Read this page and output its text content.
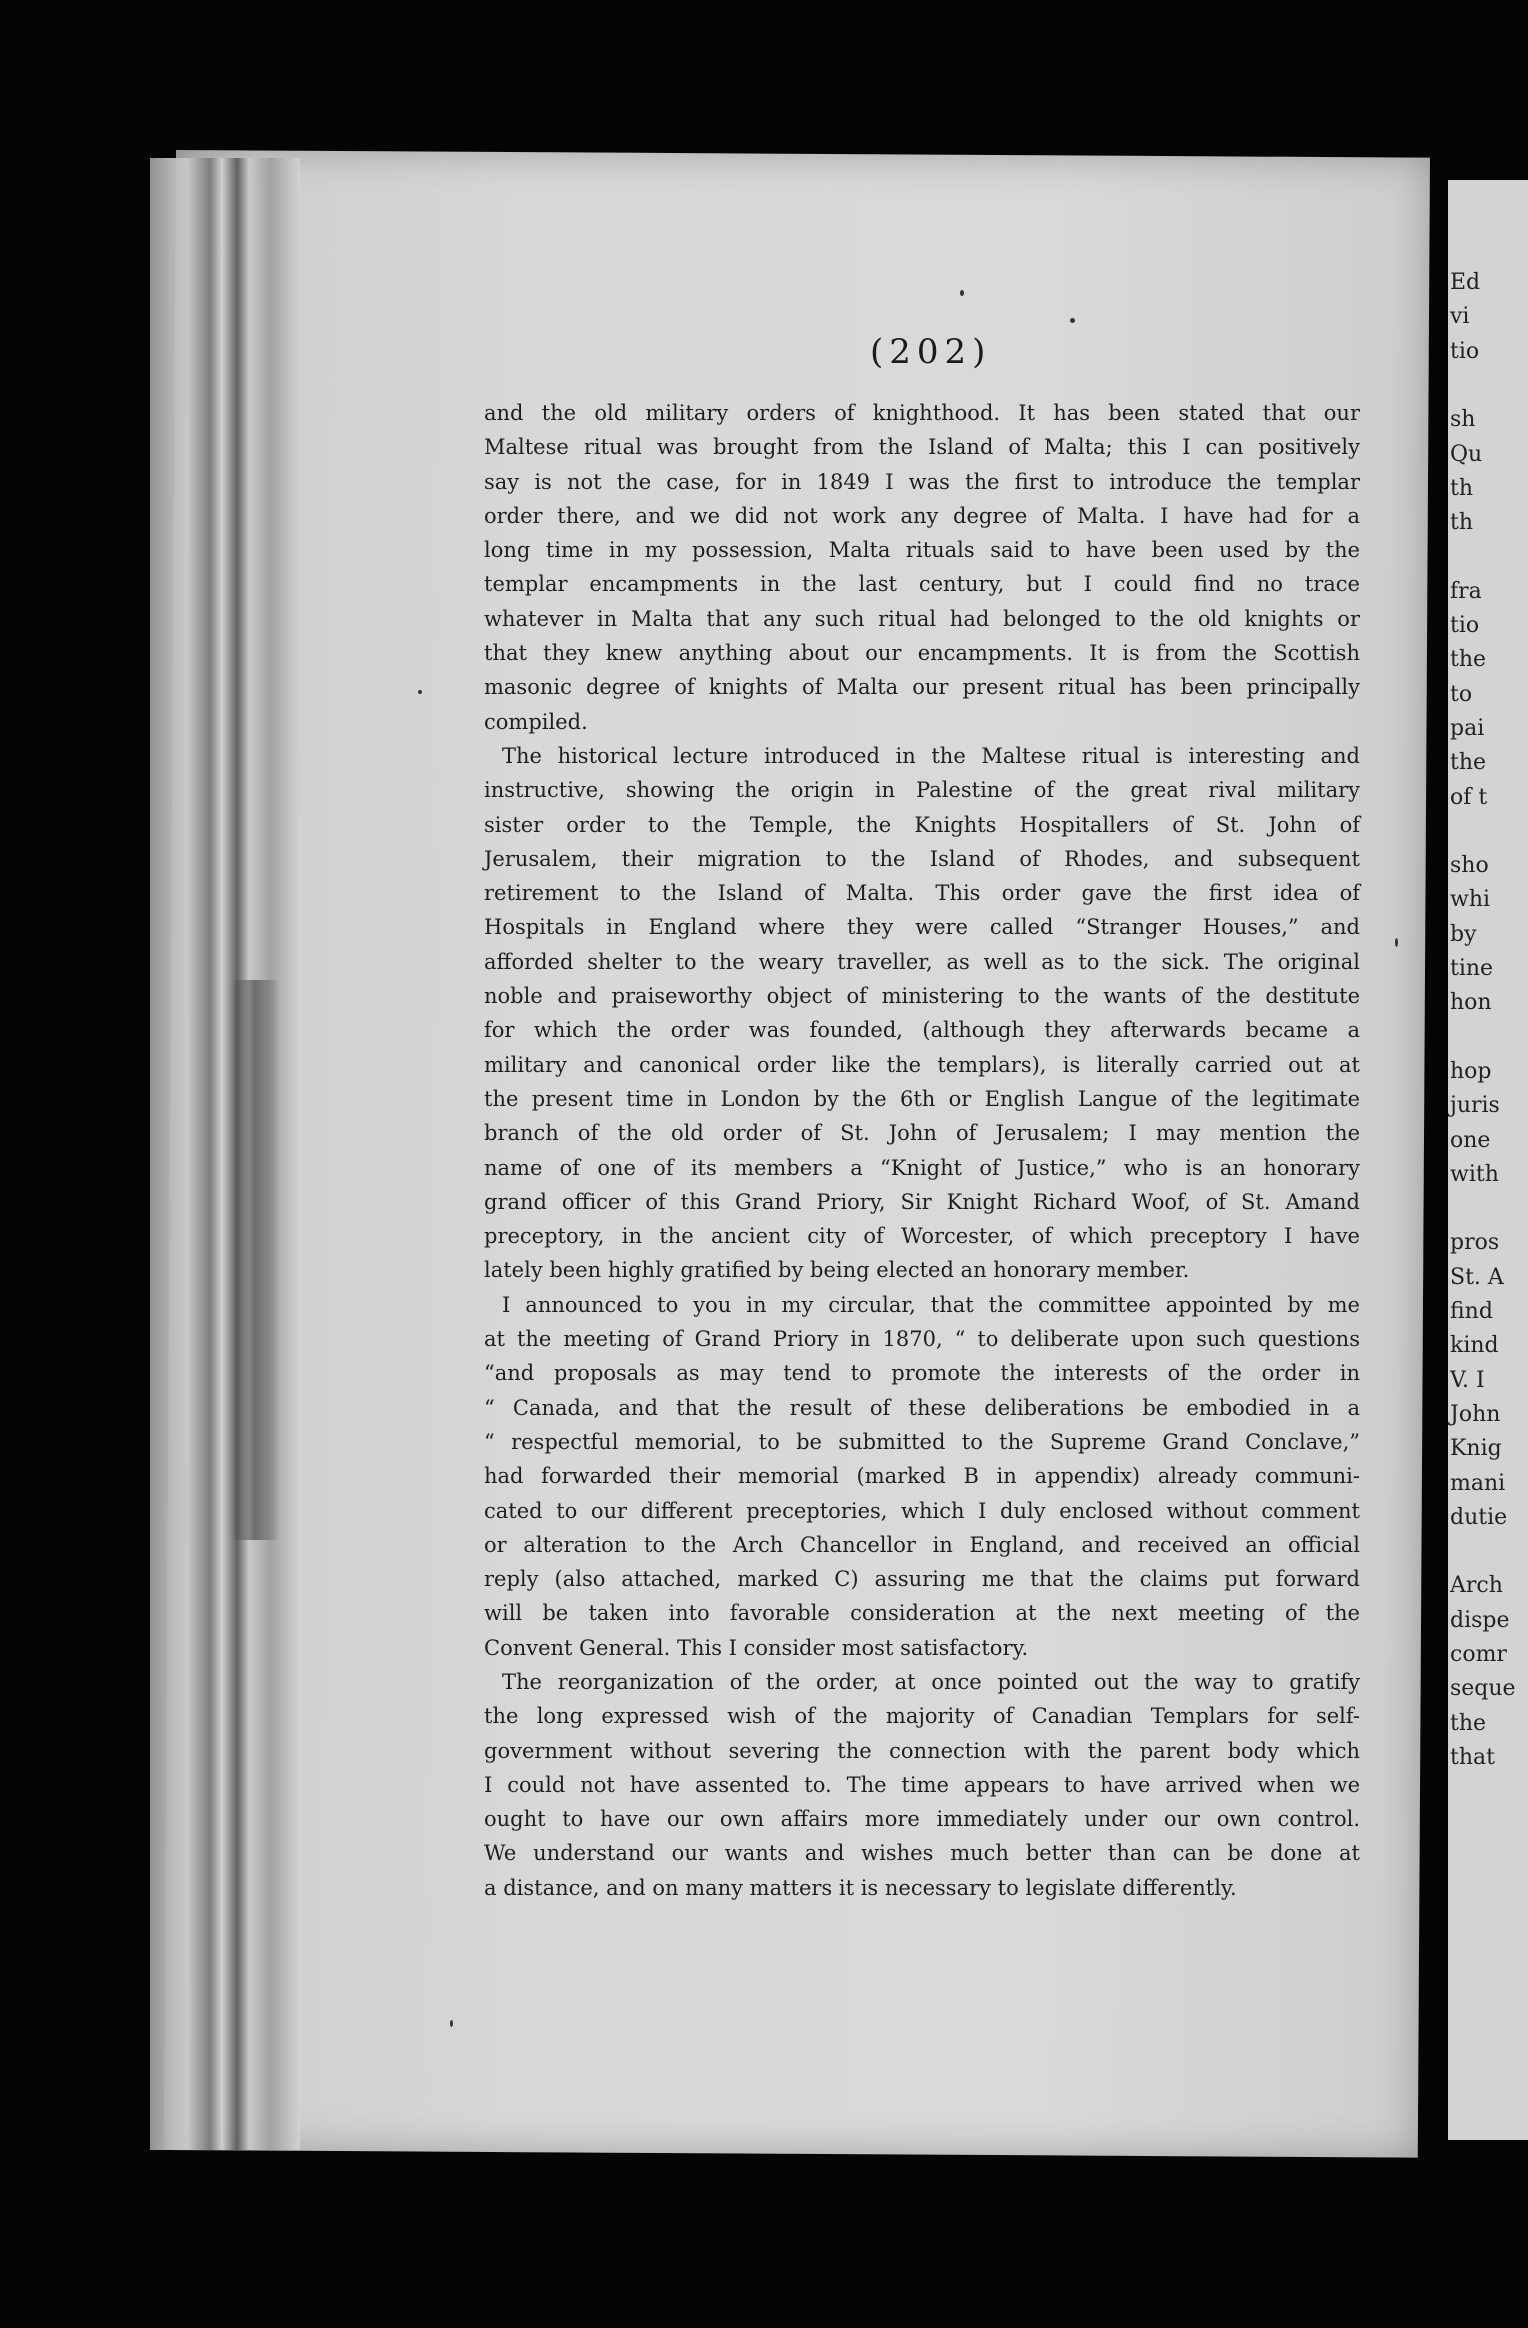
(202)

and the old military orders of knighthood. It has been stated that our
Maltese ritual was brought from the Island of Malta; this I can positively
say is not the case, for in 1849 I was the first to introduce the templar
order there, and we did not work any degree of Malta. I have had for a
long time in my possession, Malta rituals said to have been used by the
templar encampments in the last century, but I could find no trace
whatever in Malta that any such ritual had belonged to the old knights or
that they knew anything about our encampments. It is from the Scottish
masonic degree of knights of Malta our present ritual has been principally
compiled.

The historical lecture introduced in the Maltese ritual is interesting and
instructive, showing the origin in Palestine of the great rival military
sister order to the Temple, the Knights Hospitallers of St. John of
Jerusalem, their migration to the Island of Rhodes, and subsequent
retirement to the Island of Malta. This order gave the first idea of
Hospitals in England where they were called “Stranger Houses,” and
afforded shelter to the weary traveller, as well as to the sick. The original
noble and praiseworthy object of ministering to the wants of the destitute
for which the order was founded, (although they afterwards became a
military and canonical order like the templars), is literally carried out at
the present time in London by the 6th or English Langue of the legitimate
branch of the old order of St. John of Jerusalem; I may mention the
name of one of its members a “Knight of Justice,” who is an honorary
grand officer of this Grand Priory, Sir Knight Richard Woof, of St. Amand
preceptory, in the ancient city of Worcester, of which preceptory I have
lately been highly gratified by being elected an honorary member.

I announced to you in my circular, that the committee appointed by me
at the meeting of Grand Priory in 1870, “ to deliberate upon such questions
“and proposals as may tend to promote the interests of the order in
“ Canada, and that the result of these deliberations be embodied in a
“ respectful memorial, to be submitted to the Supreme Grand Conclave,”
had forwarded their memorial (marked B in appendix) already communi-
cated to our different preceptories, which I duly enclosed without comment
or alteration to the Arch Chancellor in England, and received an official
reply (also attached, marked C) assuring me that the claims put forward
will be taken into favorable consideration at the next meeting of the
Convent General. This I consider most satisfactory.

The reorganization of the order, at once pointed out the way to gratify
the long expressed wish of the majority of Canadian Templars for self-
government without severing the connection with the parent body which
I could not have assented to. The time appears to have arrived when we
ought to have our own affairs more immediately under our own control.
We understand our wants and wishes much better than can be done at
a distance, and on many matters it is necessary to legislate differently.

Ed
vi
tio
sh
Qu
th
th
fra
tio
the
to
pai
the
of t
sho
whi
by
tine
hon
hop
juris
one
with
pros
St. A
find
kind
V. I
John
Knig
mani
dutie
Arch
dispe
comr
seque
the
that
